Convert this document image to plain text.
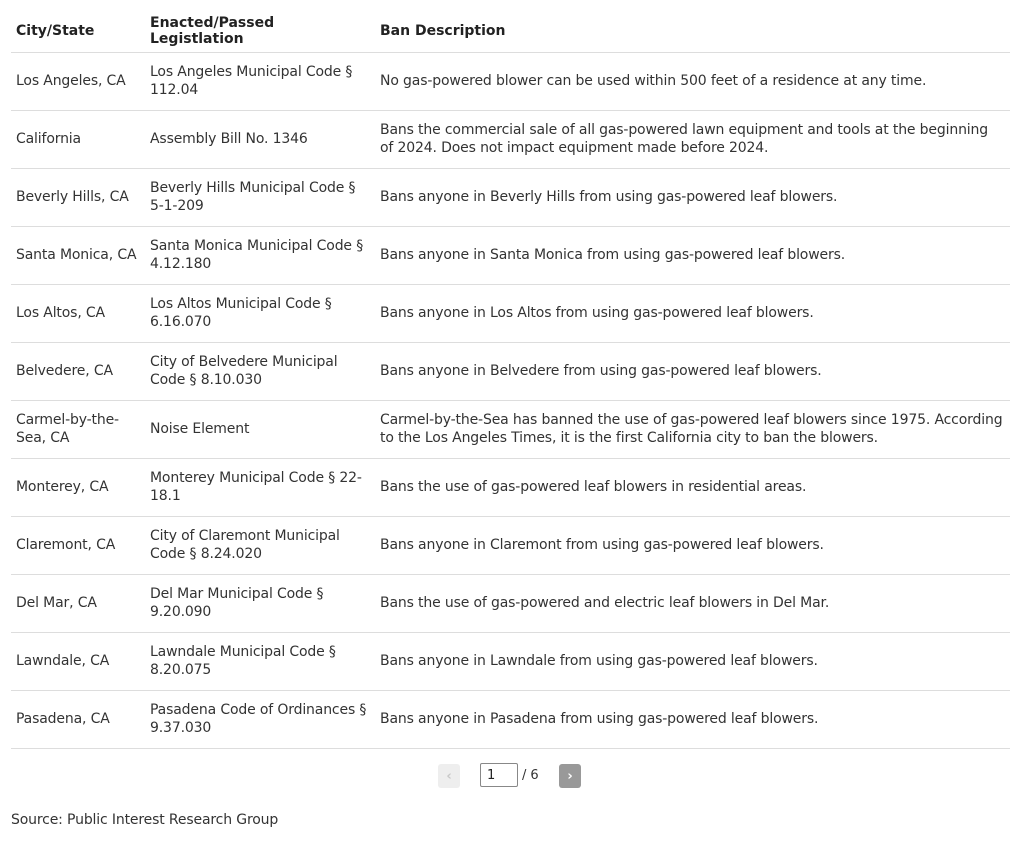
City/State	Enacted/Passed Legistlation	Ban Description
Los Angeles, CA	Los Angeles Municipal Code § 112.04	No gas-powered blower can be used within 500 feet of a residence at any time.
California	Assembly Bill No. 1346	Bans the commercial sale of all gas-powered lawn equipment and tools at the beginning of 2024. Does not impact equipment made before 2024.
Beverly Hills, CA	Beverly Hills Municipal Code § 5-1-209	Bans anyone in Beverly Hills from using gas-powered leaf blowers.
Santa Monica, CA	Santa Monica Municipal Code § 4.12.180	Bans anyone in Santa Monica from using gas-powered leaf blowers.
Los Altos, CA	Los Altos Municipal Code § 6.16.070	Bans anyone in Los Altos from using gas-powered leaf blowers.
Belvedere, CA	City of Belvedere Municipal Code § 8.10.030	Bans anyone in Belvedere from using gas-powered leaf blowers.
Carmel-by-the-Sea, CA	Noise Element	Carmel-by-the-Sea has banned the use of gas-powered leaf blowers since 1975. According to the Los Angeles Times, it is the first California city to ban the blowers.
Monterey, CA	Monterey Municipal Code § 22-18.1	Bans the use of gas-powered leaf blowers in residential areas.
Claremont, CA	City of Claremont Municipal Code § 8.24.020	Bans anyone in Claremont from using gas-powered leaf blowers.
Del Mar, CA	Del Mar Municipal Code § 9.20.090	Bans the use of gas-powered and electric leaf blowers in Del Mar.
Lawndale, CA	Lawndale Municipal Code § 8.20.075	Bans anyone in Lawndale from using gas-powered leaf blowers.
Pasadena, CA	Pasadena Code of Ordinances § 9.37.030	Bans anyone in Pasadena from using gas-powered leaf blowers.
‹
1	/ 6	›
Source: Public Interest Research Group
